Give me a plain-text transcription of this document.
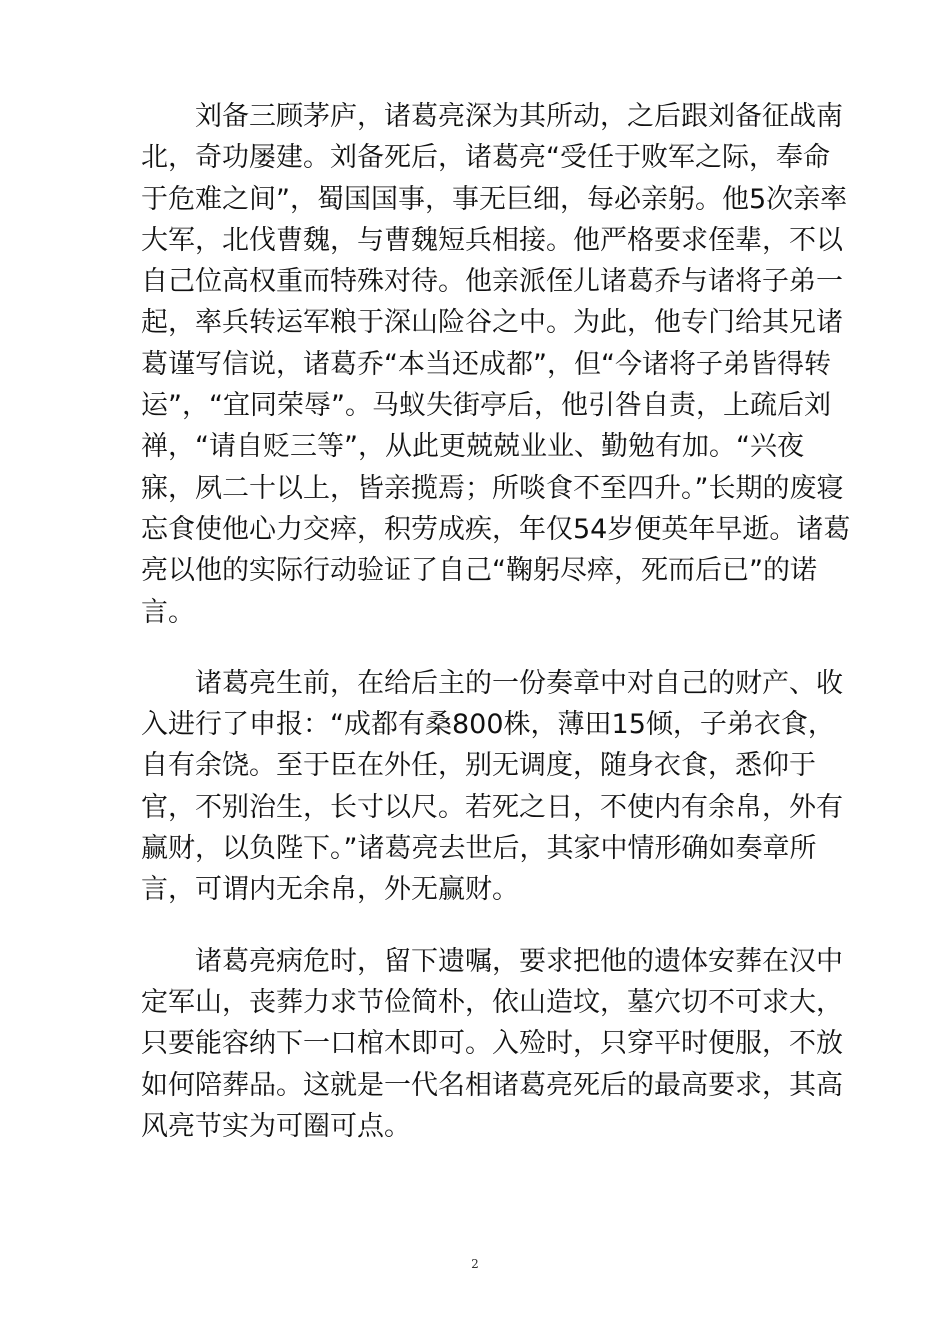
刘备三顾茅庐，诸葛亮深为其所动，之后跟刘备征战南北，奇功屡建。刘备死后，诸葛亮“受任于败军之际，奉命于危难之间”，蜀国国事，事无巨细，每必亲躬。他5次亲率大军，北伐曹魏，与曹魏短兵相接。他严格要求侄辈，不以自己位高权重而特殊对待。他亲派侄儿诸葛乔与诸将子弟一起，率兵转运军粮于深山险谷之中。为此，他专门给其兄诸葛谨写信说，诸葛乔“本当还成都”，但“今诸将子弟皆得转运”，“宜同荣辱”。马蚁失街亭后，他引咎自责，上疏后刘禅，“请自贬三等”，从此更兢兢业业、勤勉有加。“兴夜寐，夙二十以上，皆亲揽焉；所啖食不至四升。”长期的废寝忘食使他心力交瘁，积劳成疾，年仅54岁便英年早逝。诸葛亮以他的实际行动验证了自己“鞠躬尽瘁，死而后已”的诺言。

诸葛亮生前，在给后主的一份奏章中对自己的财产、收入进行了申报：“成都有桑800株，薄田15倾，子弟衣食，自有余饶。至于臣在外任，别无调度，随身衣食，悉仰于官，不别治生，长寸以尺。若死之日，不使内有余帛，外有赢财，以负陛下。”诸葛亮去世后，其家中情形确如奏章所言，可谓内无余帛，外无赢财。

诸葛亮病危时，留下遗嘱，要求把他的遗体安葬在汉中定军山，丧葬力求节俭简朴，依山造坟，墓穴切不可求大，只要能容纳下一口棺木即可。入殓时，只穿平时便服，不放如何陪葬品。这就是一代名相诸葛亮死后的最高要求，其高风亮节实为可圈可点。

2
